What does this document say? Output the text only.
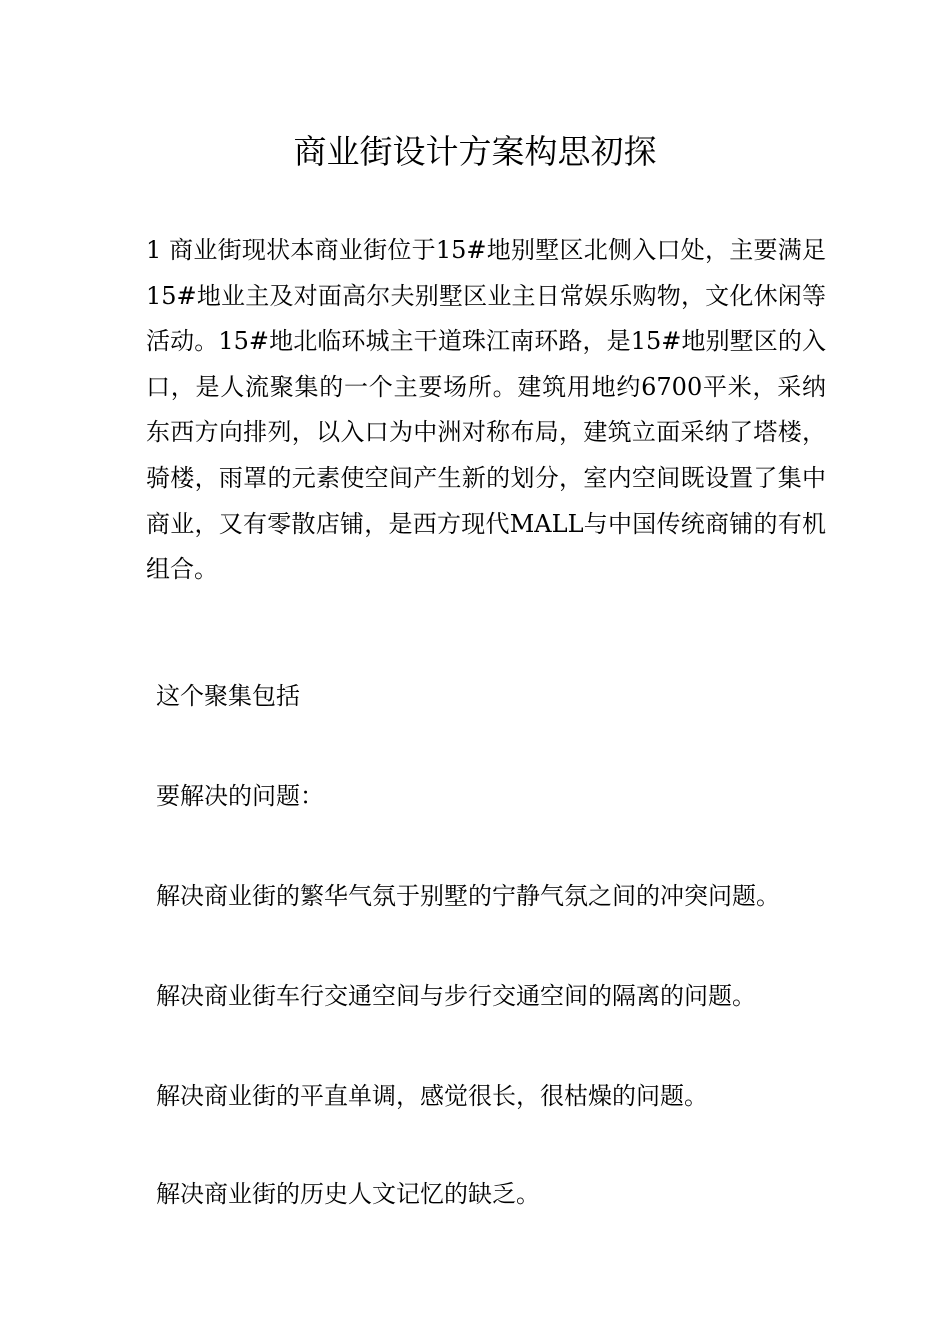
商业街设计方案构思初探

1 商业街现状本商业街位于15#地别墅区北侧入口处，主要满足15#地业主及对面高尔夫别墅区业主日常娱乐购物，文化休闲等活动。15#地北临环城主干道珠江南环路，是15#地别墅区的入口，是人流聚集的一个主要场所。建筑用地约6700平米，采纳东西方向排列，以入口为中洲对称布局，建筑立面采纳了塔楼，骑楼，雨罩的元素使空间产生新的划分，室内空间既设置了集中商业，又有零散店铺，是西方现代MALL与中国传统商铺的有机组合。

这个聚集包括

要解决的问题：

解决商业街的繁华气氛于别墅的宁静气氛之间的冲突问题。

解决商业街车行交通空间与步行交通空间的隔离的问题。

解决商业街的平直单调，感觉很长，很枯燥的问题。

解决商业街的历史人文记忆的缺乏。
